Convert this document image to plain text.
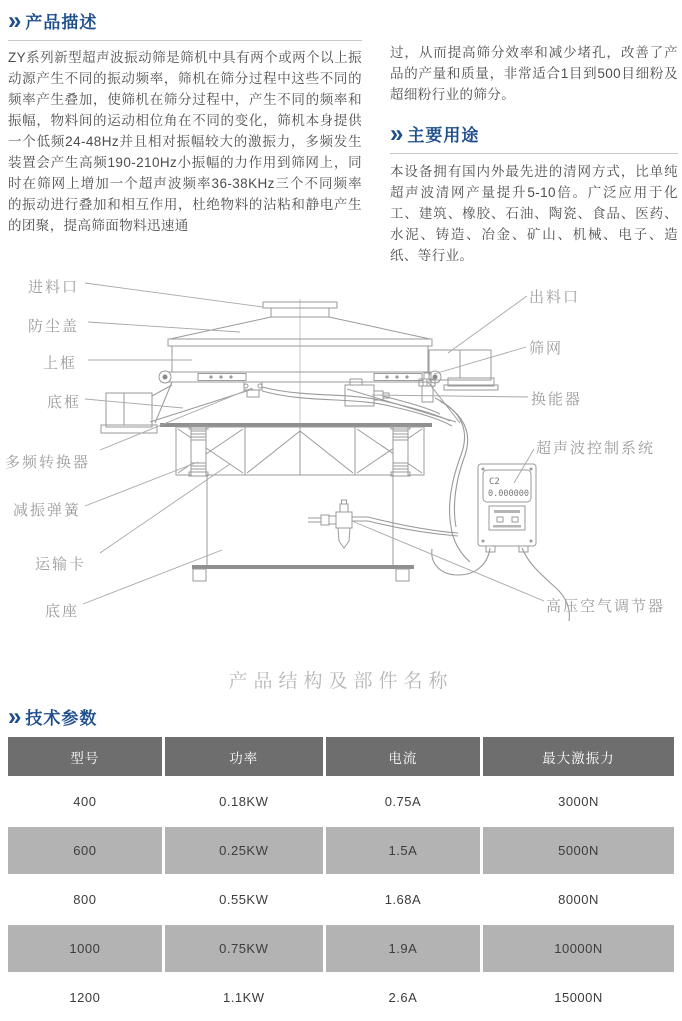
» 产品描述
ZY系列新型超声波振动筛是筛机中具有两个或两个以上振动源产生不同的振动频率，筛机在筛分过程中这些不同的频率产生叠加，使筛机在筛分过程中，产生不同的频率和振幅，物料间的运动相位角在不同的变化，筛机本身提供一个低频24-48Hz并且相对振幅较大的激振力，多频发生装置会产生高频190-210Hz小振幅的力作用到筛网上，同时在筛网上增加一个超声波频率36-38KHz三个不同频率的振动进行叠加和相互作用，杜绝物料的沾粘和静电产生的团聚，提高筛面物料迅速通
过，从而提高筛分效率和减少堵孔，改善了产品的产量和质量，非常适合1目到500目细粉及超细粉行业的筛分。
» 主要用途
本设备拥有国内外最先进的清网方式，比单纯超声波清网产量提升5-10倍。广泛应用于化工、建筑、橡胶、石油、陶瓷、食品、医药、水泥、铸造、冶金、矿山、机械、电子、造纸、等行业。
C2
0.000000
进料口
防尘盖
上框
底框
多频转换器
减振弹簧
运输卡
底座
出料口
筛网
换能器
超声波控制系统
高压空气调节器
产品结构及部件名称
» 技术参数
型号	功率	电流	最大激振力
400	0.18KW	0.75A	3000N
600	0.25KW	1.5A	5000N
800	0.55KW	1.68A	8000N
1000	0.75KW	1.9A	10000N
1200	1.1KW	2.6A	15000N
